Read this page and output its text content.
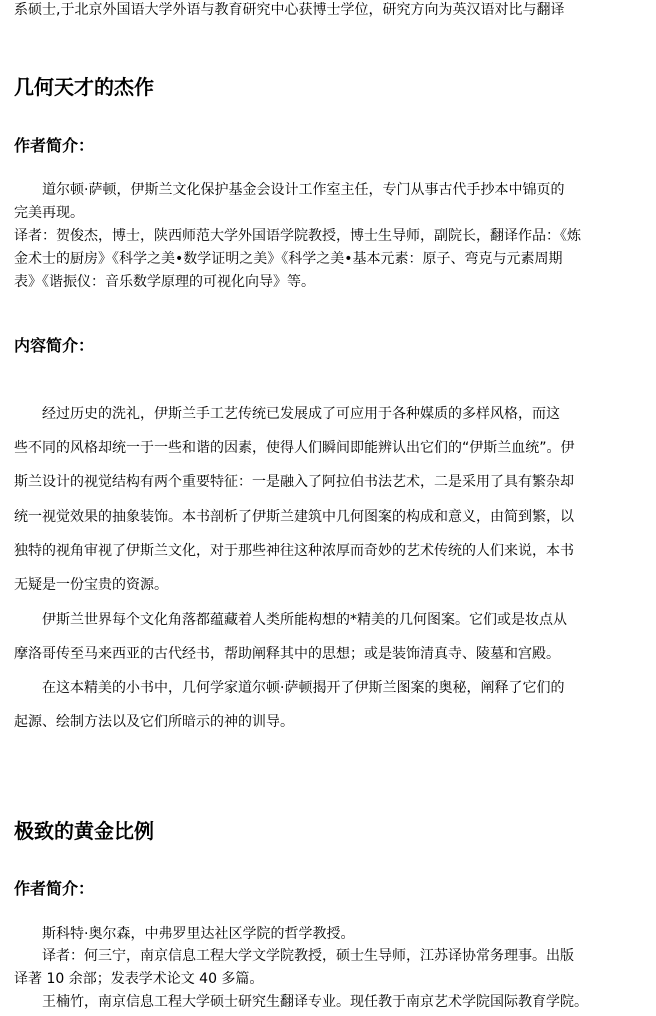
系硕士,于北京外国语大学外语与教育研究中心获博士学位，研究方向为英汉语对比与翻译

几何天才的杰作
作者简介：

道尔顿·萨顿，伊斯兰文化保护基金会设计工作室主任，专门从事古代手抄本中锦页的

完美再现。

译者：贺俊杰，博士，陕西师范大学外国语学院教授，博士生导师，副院长，翻译作品：《炼

金术士的厨房》《科学之美•数学证明之美》《科学之美•基本元素：原子、弯克与元素周期

表》《谐振仪：音乐数学原理的可视化向导》等。

内容简介：

经过历史的洗礼，伊斯兰手工艺传统已发展成了可应用于各种媒质的多样风格，而这

些不同的风格却统一于一些和谐的因素，使得人们瞬间即能辨认出它们的“伊斯兰血统”。伊

斯兰设计的视觉结构有两个重要特征：一是融入了阿拉伯书法艺术，二是采用了具有繁杂却

统一视觉效果的抽象装饰。本书剖析了伊斯兰建筑中几何图案的构成和意义，由简到繁，以

独特的视角审视了伊斯兰文化，对于那些神往这种浓厚而奇妙的艺术传统的人们来说，本书

无疑是一份宝贵的资源。

伊斯兰世界每个文化角落都蕴藏着人类所能构想的*精美的几何图案。它们或是妆点从

摩洛哥传至马来西亚的古代经书，帮助阐释其中的思想；或是装饰清真寺、陵墓和宫殿。

在这本精美的小书中，几何学家道尔顿·萨顿揭开了伊斯兰图案的奥秘，阐释了它们的

起源、绘制方法以及它们所暗示的神的训导。

极致的黄金比例
作者简介：

斯科特·奥尔森，中弗罗里达社区学院的哲学教授。

译者：何三宁，南京信息工程大学文学院教授，硕士生导师，江苏译协常务理事。出版

译著 10 余部；发表学术论文 40 多篇。

王楠竹，南京信息工程大学硕士研究生翻译专业。现任教于南京艺术学院国际教育学院。
